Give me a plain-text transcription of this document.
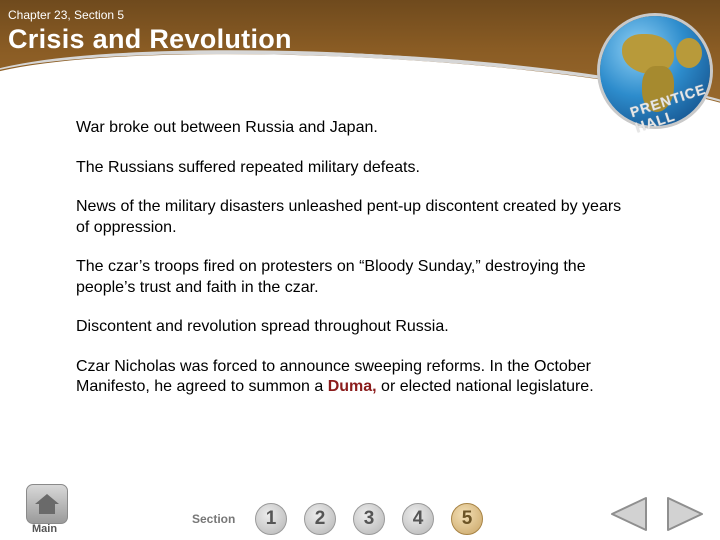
Chapter 23, Section 5
Crisis and Revolution
PRENTICE HALL

War broke out between Russia and Japan.

The Russians suffered repeated military defeats.

News of the military disasters unleashed pent-up discontent created by years of oppression.

The czar’s troops fired on protesters on “Bloody Sunday,” destroying the people’s trust and faith in the czar.

Discontent and revolution spread throughout Russia.

Czar Nicholas was forced to announce sweeping reforms. In the October Manifesto, he agreed to summon a Duma, or elected national legislature.

Main
Section	1	2	3	4	5
